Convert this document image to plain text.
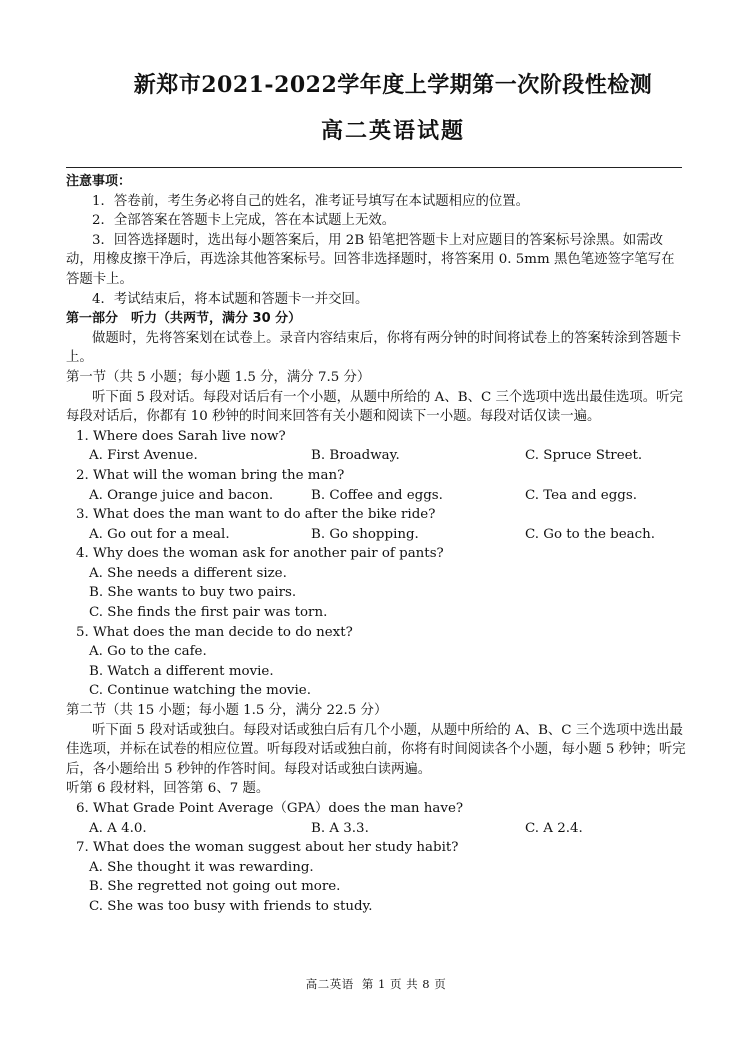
新郑市2021-2022学年度上学期第一次阶段性检测
高二英语试题

注意事项：

1．答卷前，考生务必将自己的姓名，准考证号填写在本试题相应的位置。

2．全部答案在答题卡上完成，答在本试题上无效。

3．回答选择题时，选出每小题答案后，用 2B 铅笔把答题卡上对应题目的答案标号涂黑。如需改动，用橡皮擦干净后，再选涂其他答案标号。回答非选择题时，将答案用 0. 5mm 黑色笔迹签字笔写在答题卡上。

4．考试结束后，将本试题和答题卡一并交回。

第一部分　听力（共两节，满分 30 分）

做题时，先将答案划在试卷上。录音内容结束后，你将有两分钟的时间将试卷上的答案转涂到答题卡上。

第一节（共 5 小题；每小题 1.5 分，满分 7.5 分）

听下面 5 段对话。每段对话后有一个小题，从题中所给的 A、B、C 三个选项中选出最佳选项。听完每段对话后，你都有 10 秒钟的时间来回答有关小题和阅读下一小题。每段对话仅读一遍。

1. Where does Sarah live now?

A. First Avenue.	B. Broadway.	C. Spruce Street.

2. What will the woman bring the man?

A. Orange juice and bacon.	B. Coffee and eggs.	C. Tea and eggs.

3. What does the man want to do after the bike ride?

A. Go out for a meal.	B. Go shopping.	C. Go to the beach.

4. Why does the woman ask for another pair of pants?

A. She needs a different size.

B. She wants to buy two pairs.

C. She finds the first pair was torn.

5. What does the man decide to do next?

A. Go to the cafe.

B. Watch a different movie.

C. Continue watching the movie.

第二节（共 15 小题；每小题 1.5 分，满分 22.5 分）

听下面 5 段对话或独白。每段对话或独白后有几个小题，从题中所给的 A、B、C 三个选项中选出最佳选项，并标在试卷的相应位置。听每段对话或独白前，你将有时间阅读各个小题，每小题 5 秒钟；听完后，各小题给出 5 秒钟的作答时间。每段对话或独白读两遍。

听第 6 段材料，回答第 6、7 题。

6. What Grade Point Average（GPA）does the man have?

A. A 4.0.	B. A 3.3.	C. A 2.4.

7. What does the woman suggest about her study habit?

A. She thought it was rewarding.

B. She regretted not going out more.

C. She was too busy with friends to study.

高二英语 第 1 页 共 8 页
